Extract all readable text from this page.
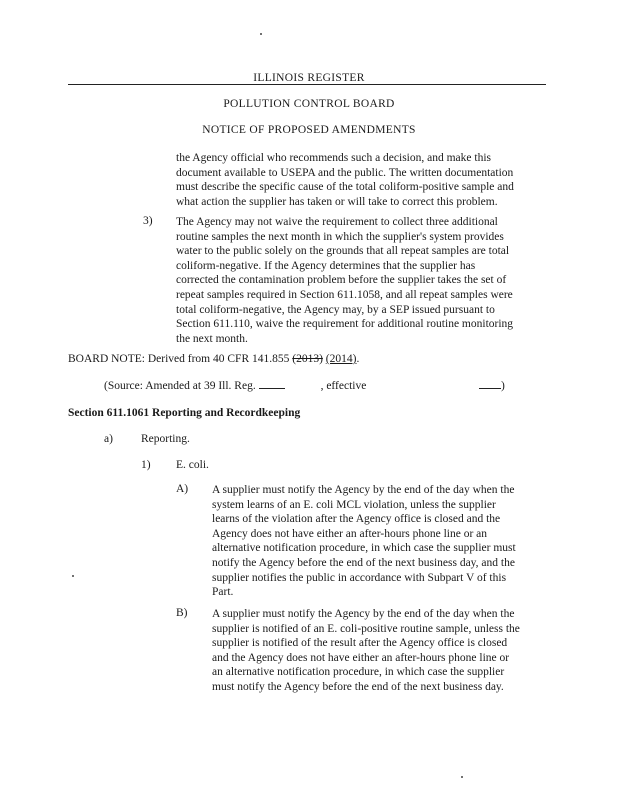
ILLINOIS REGISTER
POLLUTION CONTROL BOARD
NOTICE OF PROPOSED AMENDMENTS
the Agency official who recommends such a decision, and make this
document available to USEPA and the public. The written documentation
must describe the specific cause of the total coliform-positive sample and
what action the supplier has taken or will take to correct this problem.
3) The Agency may not waive the requirement to collect three additional
routine samples the next month in which the supplier's system provides
water to the public solely on the grounds that all repeat samples are total
coliform-negative. If the Agency determines that the supplier has
corrected the contamination problem before the supplier takes the set of
repeat samples required in Section 611.1058, and all repeat samples were
total coliform-negative, the Agency may, by a SEP issued pursuant to
Section 611.110, waive the requirement for additional routine monitoring
the next month.
BOARD NOTE: Derived from 40 CFR 141.855 (2013) (2014).
(Source: Amended at 39 Ill. Reg.	, effective	)
Section 611.1061 Reporting and Recordkeeping
a) Reporting.
1) E. coli.
A) A supplier must notify the Agency by the end of the day when the
system learns of an E. coli MCL violation, unless the supplier
learns of the violation after the Agency office is closed and the
Agency does not have either an after-hours phone line or an
alternative notification procedure, in which case the supplier must
notify the Agency before the end of the next business day, and the
supplier notifies the public in accordance with Subpart V of this
Part.
B) A supplier must notify the Agency by the end of the day when the
supplier is notified of an E. coli-positive routine sample, unless the
supplier is notified of the result after the Agency office is closed
and the Agency does not have either an after-hours phone line or
an alternative notification procedure, in which case the supplier
must notify the Agency before the end of the next business day.
